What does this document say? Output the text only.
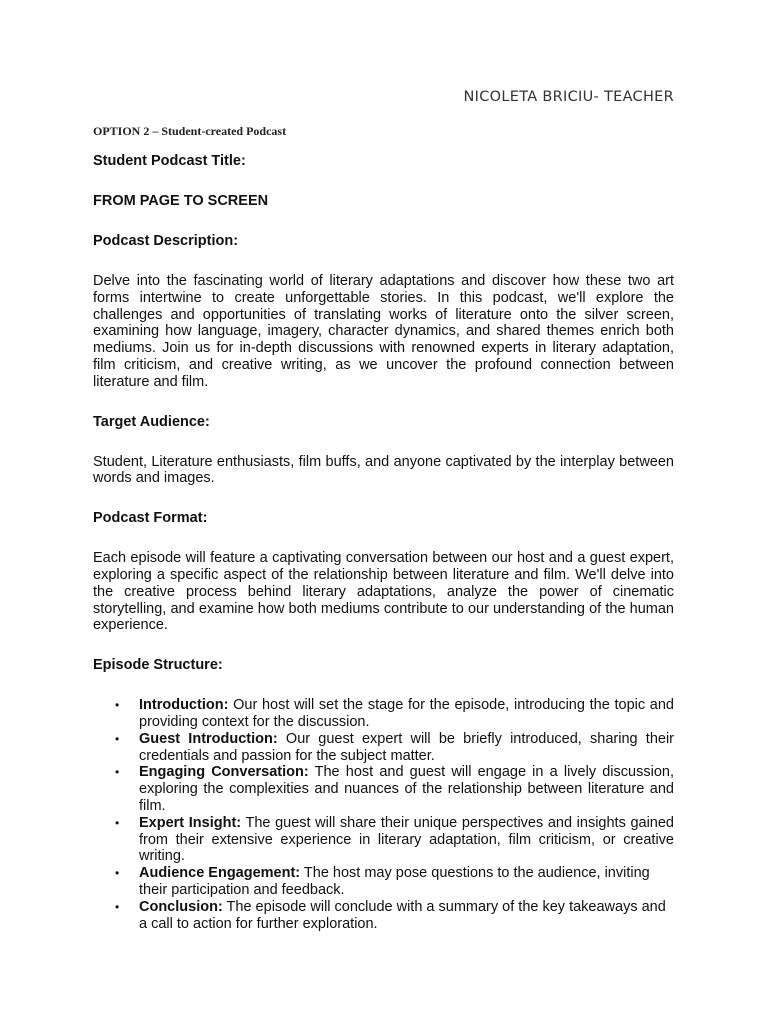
NICOLETA BRICIU- TEACHER
OPTION 2 – Student-created Podcast

Student Podcast Title:

FROM PAGE TO SCREEN

Podcast Description:

Delve into the fascinating world of literary adaptations and discover how these two art forms intertwine to create unforgettable stories. In this podcast, we'll explore the challenges and opportunities of translating works of literature onto the silver screen, examining how language, imagery, character dynamics, and shared themes enrich both mediums. Join us for in-depth discussions with renowned experts in literary adaptation, film criticism, and creative writing, as we uncover the profound connection between literature and film.

Target Audience:

Student, Literature enthusiasts, film buffs, and anyone captivated by the interplay between words and images.

Podcast Format:

Each episode will feature a captivating conversation between our host and a guest expert, exploring a specific aspect of the relationship between literature and film. We'll delve into the creative process behind literary adaptations, analyze the power of cinematic storytelling, and examine how both mediums contribute to our understanding of the human experience.

Episode Structure:

• Introduction: Our host will set the stage for the episode, introducing the topic and providing context for the discussion.
• Guest Introduction: Our guest expert will be briefly introduced, sharing their credentials and passion for the subject matter.
• Engaging Conversation: The host and guest will engage in a lively discussion, exploring the complexities and nuances of the relationship between literature and film.
• Expert Insight: The guest will share their unique perspectives and insights gained from their extensive experience in literary adaptation, film criticism, or creative writing.
• Audience Engagement: The host may pose questions to the audience, inviting their participation and feedback.
• Conclusion: The episode will conclude with a summary of the key takeaways and a call to action for further exploration.
